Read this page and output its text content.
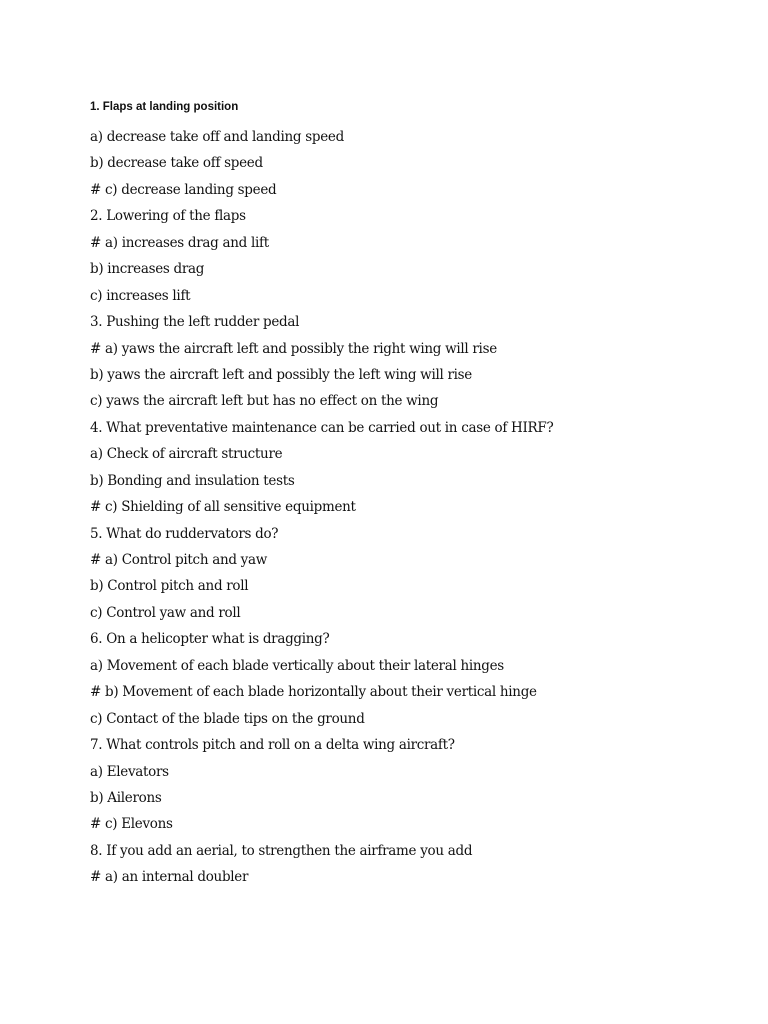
1. Flaps at landing position
a) decrease take off and landing speed
b) decrease take off speed
# c) decrease landing speed
2. Lowering of the flaps
# a) increases drag and lift
b) increases drag
c) increases lift
3. Pushing the left rudder pedal
# a) yaws the aircraft left and possibly the right wing will rise
b) yaws the aircraft left and possibly the left wing will rise
c) yaws the aircraft left but has no effect on the wing
4. What preventative maintenance can be carried out in case of HIRF?
a) Check of aircraft structure
b) Bonding and insulation tests
# c) Shielding of all sensitive equipment
5. What do ruddervators do?
# a) Control pitch and yaw
b) Control pitch and roll
c) Control yaw and roll
6. On a helicopter what is dragging?
a) Movement of each blade vertically about their lateral hinges
# b) Movement of each blade horizontally about their vertical hinge
c) Contact of the blade tips on the ground
7. What controls pitch and roll on a delta wing aircraft?
a) Elevators
b) Ailerons
# c) Elevons
8. If you add an aerial, to strengthen the airframe you add
# a) an internal doubler
